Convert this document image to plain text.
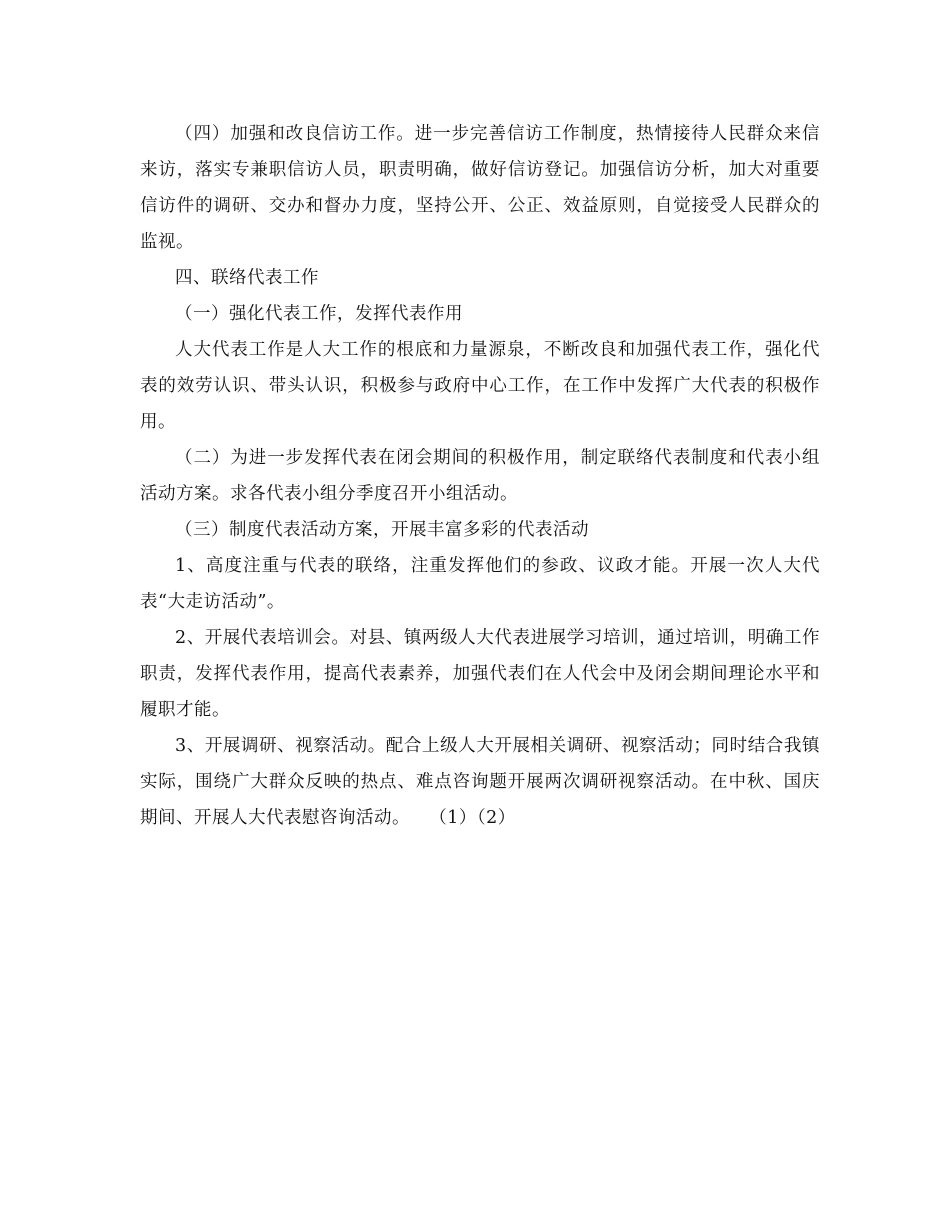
（四）加强和改良信访工作。进一步完善信访工作制度，热情接待人民群众来信来访，落实专兼职信访人员，职责明确，做好信访登记。加强信访分析，加大对重要信访件的调研、交办和督办力度，坚持公开、公正、效益原则，自觉接受人民群众的监视。

四、联络代表工作

（一）强化代表工作，发挥代表作用

人大代表工作是人大工作的根底和力量源泉，不断改良和加强代表工作，强化代表的效劳认识、带头认识，积极参与政府中心工作，在工作中发挥广大代表的积极作用。

（二）为进一步发挥代表在闭会期间的积极作用，制定联络代表制度和代表小组活动方案。求各代表小组分季度召开小组活动。

（三）制度代表活动方案，开展丰富多彩的代表活动

1、高度注重与代表的联络，注重发挥他们的参政、议政才能。开展一次人大代表“大走访活动”。

2、开展代表培训会。对县、镇两级人大代表进展学习培训，通过培训，明确工作职责，发挥代表作用，提高代表素养，加强代表们在人代会中及闭会期间理论水平和履职才能。

3、开展调研、视察活动。配合上级人大开展相关调研、视察活动；同时结合我镇实际，围绕广大群众反映的热点、难点咨询题开展两次调研视察活动。在中秋、国庆期间、开展人大代表慰咨询活动。 （1）（2）
